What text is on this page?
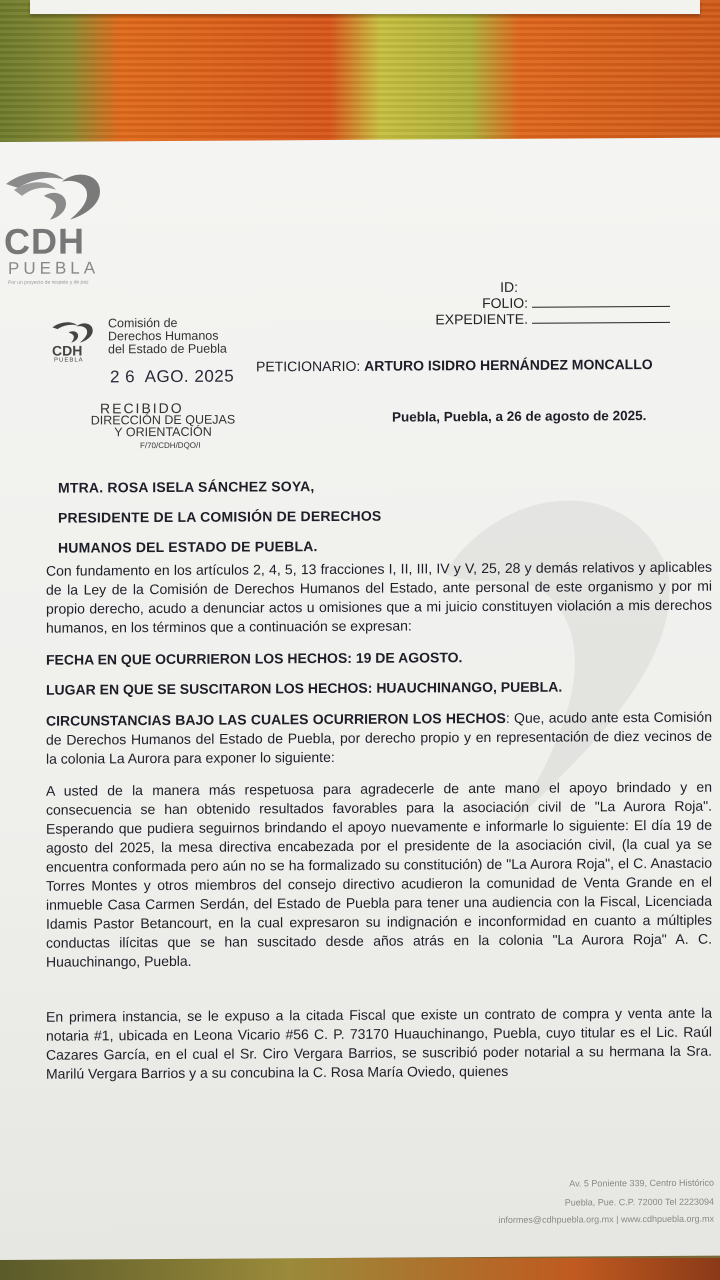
CDH
PUEBLA
Por un proyecto de respeto y de paz	ID:
FOLIO:
EXPEDIENTE.
CDH
PUEBLA
Comisión de
Derechos Humanos
del Estado de Puebla
2 6  AGO. 2025
RECIBIDO
DIRECCIÓN DE QUEJAS
Y ORIENTACIÓN
F/70/CDH/DQO/I
PETICIONARIO: ARTURO ISIDRO HERNÁNDEZ MONCALLO
Puebla, Puebla, a 26 de agosto de 2025.
MTRA. ROSA ISELA SÁNCHEZ SOYA,
PRESIDENTE DE LA COMISIÓN DE DERECHOS
HUMANOS DEL ESTADO DE PUEBLA.
Con fundamento en los artículos 2, 4, 5, 13 fracciones I, II, III, IV y V, 25, 28 y demás relativos y aplicables de la Ley de la Comisión de Derechos Humanos del Estado, ante personal de este organismo y por mi propio derecho, acudo a denunciar actos u omisiones que a mi juicio constituyen violación a mis derechos humanos, en los términos que a continuación se expresan:
FECHA EN QUE OCURRIERON LOS HECHOS: 19 DE AGOSTO.
LUGAR EN QUE SE SUSCITARON LOS HECHOS: HUAUCHINANGO, PUEBLA.
CIRCUNSTANCIAS BAJO LAS CUALES OCURRIERON LOS HECHOS: Que, acudo ante esta Comisión de Derechos Humanos del Estado de Puebla, por derecho propio y en representación de diez vecinos de la colonia La Aurora para exponer lo siguiente:
A usted de la manera más respetuosa para agradecerle de ante mano el apoyo brindado y en consecuencia se han obtenido resultados favorables para la asociación civil de "La Aurora Roja". Esperando que pudiera seguirnos brindando el apoyo nuevamente e informarle lo siguiente: El día 19 de agosto del 2025, la mesa directiva encabezada por el presidente de la asociación civil, (la cual ya se encuentra conformada pero aún no se ha formalizado su constitución) de "La Aurora Roja", el C. Anastacio Torres Montes y otros miembros del consejo directivo acudieron la comunidad de Venta Grande en el inmueble Casa Carmen Serdán, del Estado de Puebla para tener una audiencia con la Fiscal, Licenciada Idamis Pastor Betancourt, en la cual expresaron su indignación e inconformidad en cuanto a múltiples conductas ilícitas que se han suscitado desde años atrás en la colonia "La Aurora Roja" A. C. Huauchinango, Puebla.
En primera instancia, se le expuso a la citada Fiscal que existe un contrato de compra y venta ante la notaria #1, ubicada en Leona Vicario #56 C. P. 73170 Huauchinango, Puebla, cuyo titular es el Lic. Raúl Cazares García, en el cual el Sr. Ciro Vergara Barrios, se suscribió poder notarial a su hermana la Sra. Marilú Vergara Barrios y a su concubina la C. Rosa María Oviedo, quienes
Av. 5 Poniente 339, Centro Histórico
Puebla, Pue. C.P. 72000 Tel 2223094
informes@cdhpuebla.org.mx | www.cdhpuebla.org.mx
